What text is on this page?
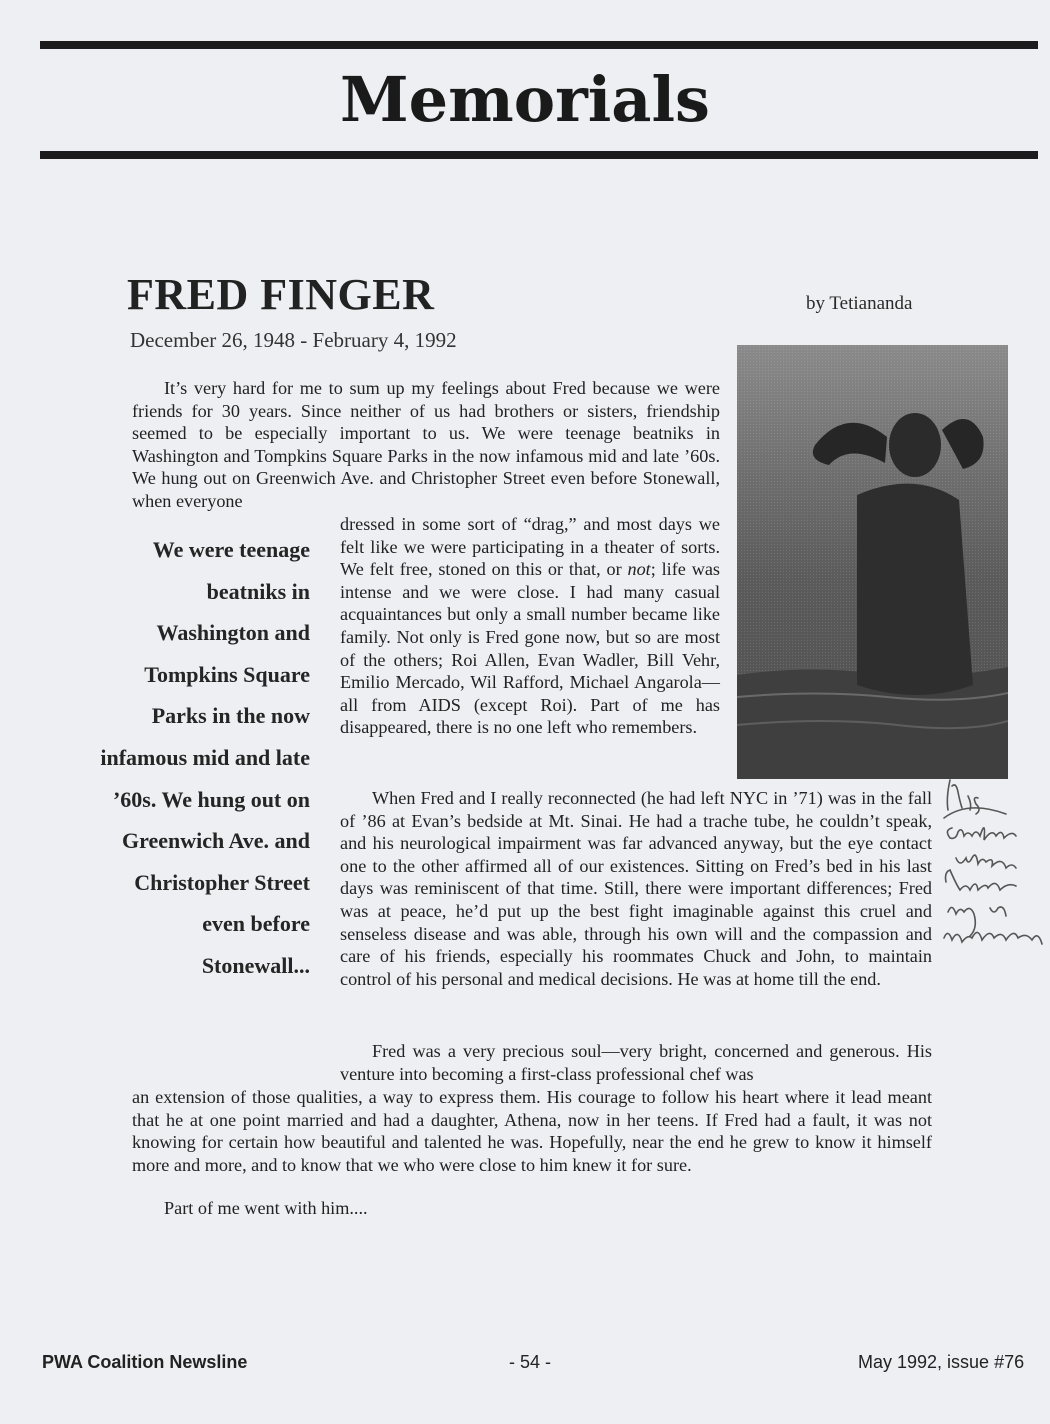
Memorials
FRED FINGER	by Tetiananda
December 26, 1948 - February 4, 1992

It’s very hard for me to sum up my feelings about Fred because we were friends for 30 years. Since neither of us had brothers or sisters, friendship seemed to be especially important to us. We were teenage beatniks in Washington and Tompkins Square Parks in the now infamous mid and late ’60s. We hung out on Greenwich Ave. and Christopher Street even before Stonewall, when everyone

dressed in some sort of “drag,” and most days we felt like we were participating in a theater of sorts. We felt free, stoned on this or that, or not; life was intense and we were close. I had many casual acquaintances but only a small number became like family. Not only is Fred gone now, but so are most of the others; Roi Allen, Evan Wadler, Bill Vehr, Emilio Mercado, Wil Rafford, Michael Angarola—all from AIDS (except Roi). Part of me has disappeared, there is no one left who remembers.

We were teenage beatniks in Washington and Tompkins Square Parks in the now infamous mid and late ’60s. We hung out on Greenwich Ave. and Christopher Street even before Stonewall...

When Fred and I really reconnected (he had left NYC in ’71) was in the fall of ’86 at Evan’s bedside at Mt. Sinai. He had a trache tube, he couldn’t speak, and his neurological impairment was far advanced anyway, but the eye contact one to the other affirmed all of our existences. Sitting on Fred’s bed in his last days was reminiscent of that time. Still, there were important differences; Fred was at peace, he’d put up the best fight imaginable against this cruel and senseless disease and was able, through his own will and the compassion and care of his friends, especially his roommates Chuck and John, to maintain control of his personal and medical decisions. He was at home till the end.

Fred was a very precious soul—very bright, concerned and generous. His venture into becoming a first-class professional chef was

an extension of those qualities, a way to express them. His courage to follow his heart where it lead meant that he at one point married and had a daughter, Athena, now in her teens. If Fred had a fault, it was not knowing for certain how beautiful and talented he was. Hopefully, near the end he grew to know it himself more and more, and to know that we who were close to him knew it for sure.

Part of me went with him....

PWA Coalition Newsline	- 54 -	May 1992, issue #76
